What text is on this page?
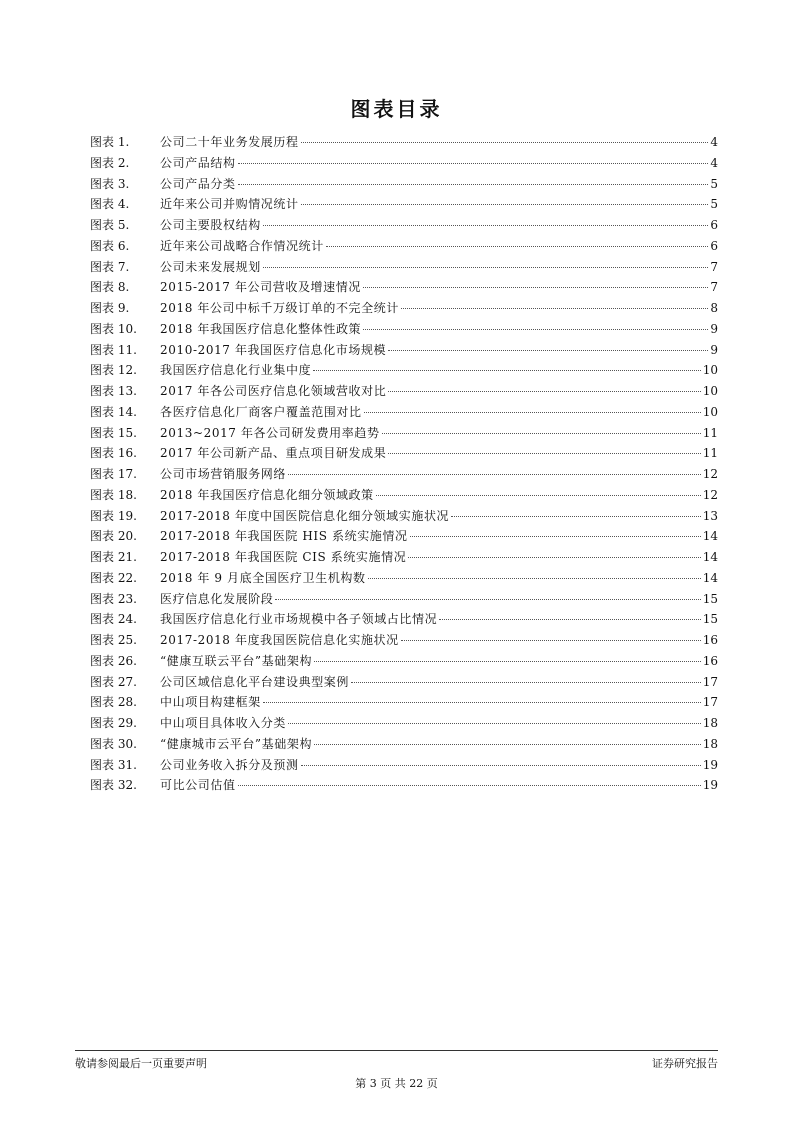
图表目录
图表 1.	公司二十年业务发展历程	4
图表 2.	公司产品结构	4
图表 3.	公司产品分类	5
图表 4.	近年来公司并购情况统计	5
图表 5.	公司主要股权结构	6
图表 6.	近年来公司战略合作情况统计	6
图表 7.	公司未来发展规划	7
图表 8.	2015-2017 年公司营收及增速情况	7
图表 9.	2018 年公司中标千万级订单的不完全统计	8
图表 10.	2018 年我国医疗信息化整体性政策	9
图表 11.	2010-2017 年我国医疗信息化市场规模	9
图表 12.	我国医疗信息化行业集中度	10
图表 13.	2017 年各公司医疗信息化领域营收对比	10
图表 14.	各医疗信息化厂商客户覆盖范围对比	10
图表 15.	2013~2017 年各公司研发费用率趋势	11
图表 16.	2017 年公司新产品、重点项目研发成果	11
图表 17.	公司市场营销服务网络	12
图表 18.	2018 年我国医疗信息化细分领域政策	12
图表 19.	2017-2018 年度中国医院信息化细分领域实施状况	13
图表 20.	2017-2018 年我国医院 HIS 系统实施情况	14
图表 21.	2017-2018 年我国医院 CIS 系统实施情况	14
图表 22.	2018 年 9 月底全国医疗卫生机构数	14
图表 23.	医疗信息化发展阶段	15
图表 24.	我国医疗信息化行业市场规模中各子领域占比情况	15
图表 25.	2017-2018 年度我国医院信息化实施状况	16
图表 26.	“健康互联云平台”基础架构	16
图表 27.	公司区域信息化平台建设典型案例	17
图表 28.	中山项目构建框架	17
图表 29.	中山项目具体收入分类	18
图表 30.	“健康城市云平台”基础架构	18
图表 31.	公司业务收入拆分及预测	19
图表 32.	可比公司估值	19
敬请参阅最后一页重要声明	证券研究报告
第 3 页 共 22 页
